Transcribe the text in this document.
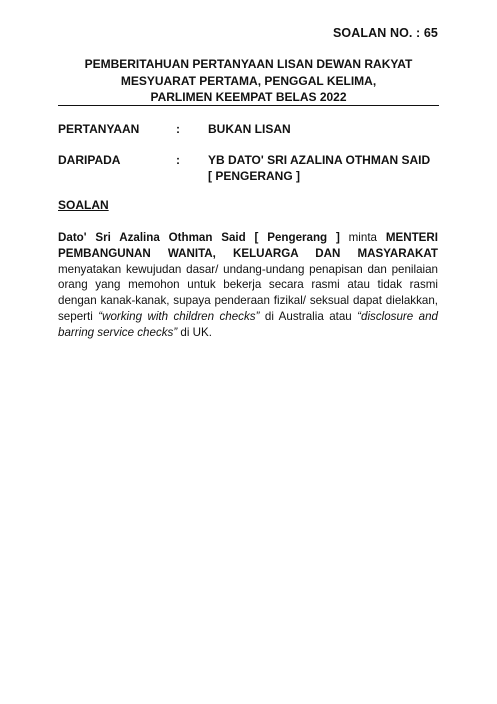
SOALAN NO. : 65
PEMBERITAHUAN PERTANYAAN LISAN DEWAN RAKYAT
MESYUARAT PERTAMA, PENGGAL KELIMA,
PARLIMEN KEEMPAT BELAS 2022
PERTANYAAN	: BUKAN LISAN
DARIPADA	: YB DATO' SRI AZALINA OTHMAN SAID
[ PENGERANG ]
SOALAN
Dato' Sri Azalina Othman Said [ Pengerang ] minta MENTERI PEMBANGUNAN WANITA, KELUARGA DAN MASYARAKAT menyatakan kewujudan dasar/ undang-undang penapisan dan penilaian orang yang memohon untuk bekerja secara rasmi atau tidak rasmi dengan kanak-kanak, supaya penderaan fizikal/ seksual dapat dielakkan, seperti “working with children checks” di Australia atau “disclosure and barring service checks” di UK.
